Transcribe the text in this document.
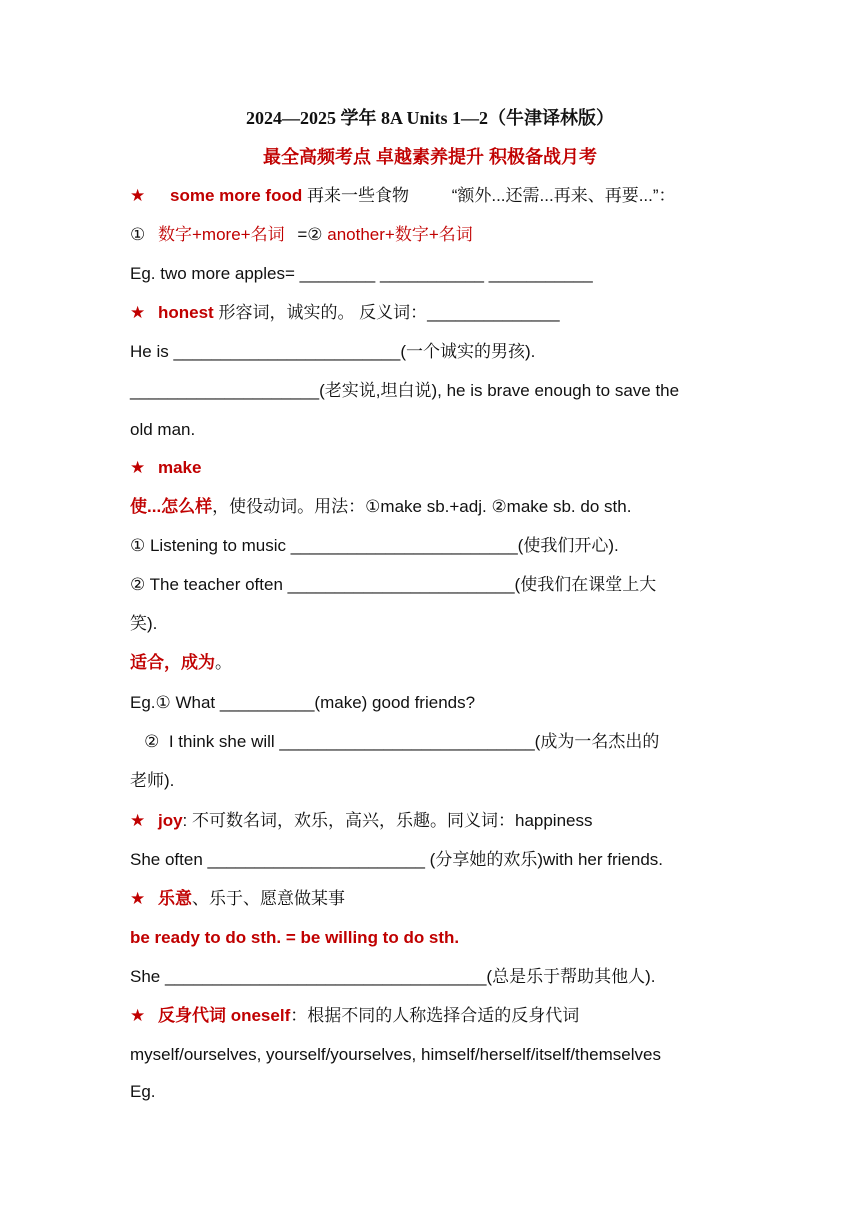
2024—2025 学年 8A Units 1—2（牛津译林版）
最全高频考点 卓越素养提升 积极备战月考
★ some more food 再来一些食物	“额外...还需...再来、再要...”：
① 数字+more+名词 =② another+数字+名词
Eg. two more apples= ________ ___________ ___________
★ honest 形容词，诚实的。 反义词：______________
He is ________________________(一个诚实的男孩).
____________________(老实说,坦白说), he is brave enough to save the
old man.
★ make
使...怎么样，使役动词。用法：①make sb.+adj. ②make sb. do sth.
① Listening to music ________________________(使我们开心).
② The teacher often ________________________(使我们在课堂上大
笑).
适合，成为。
Eg.① What __________(make) good friends?
②  I think she will ___________________________(成为一名杰出的
老师).
★ joy: 不可数名词，欢乐，高兴，乐趣。同义词：happiness
She often _______________________ (分享她的欢乐)with her friends.
★ 乐意、乐于、愿意做某事
be ready to do sth. = be willing to do sth.
She __________________________________(总是乐于帮助其他人).
★ 反身代词 oneself：根据不同的人称选择合适的反身代词
myself/ourselves, yourself/yourselves, himself/herself/itself/themselves
Eg.
